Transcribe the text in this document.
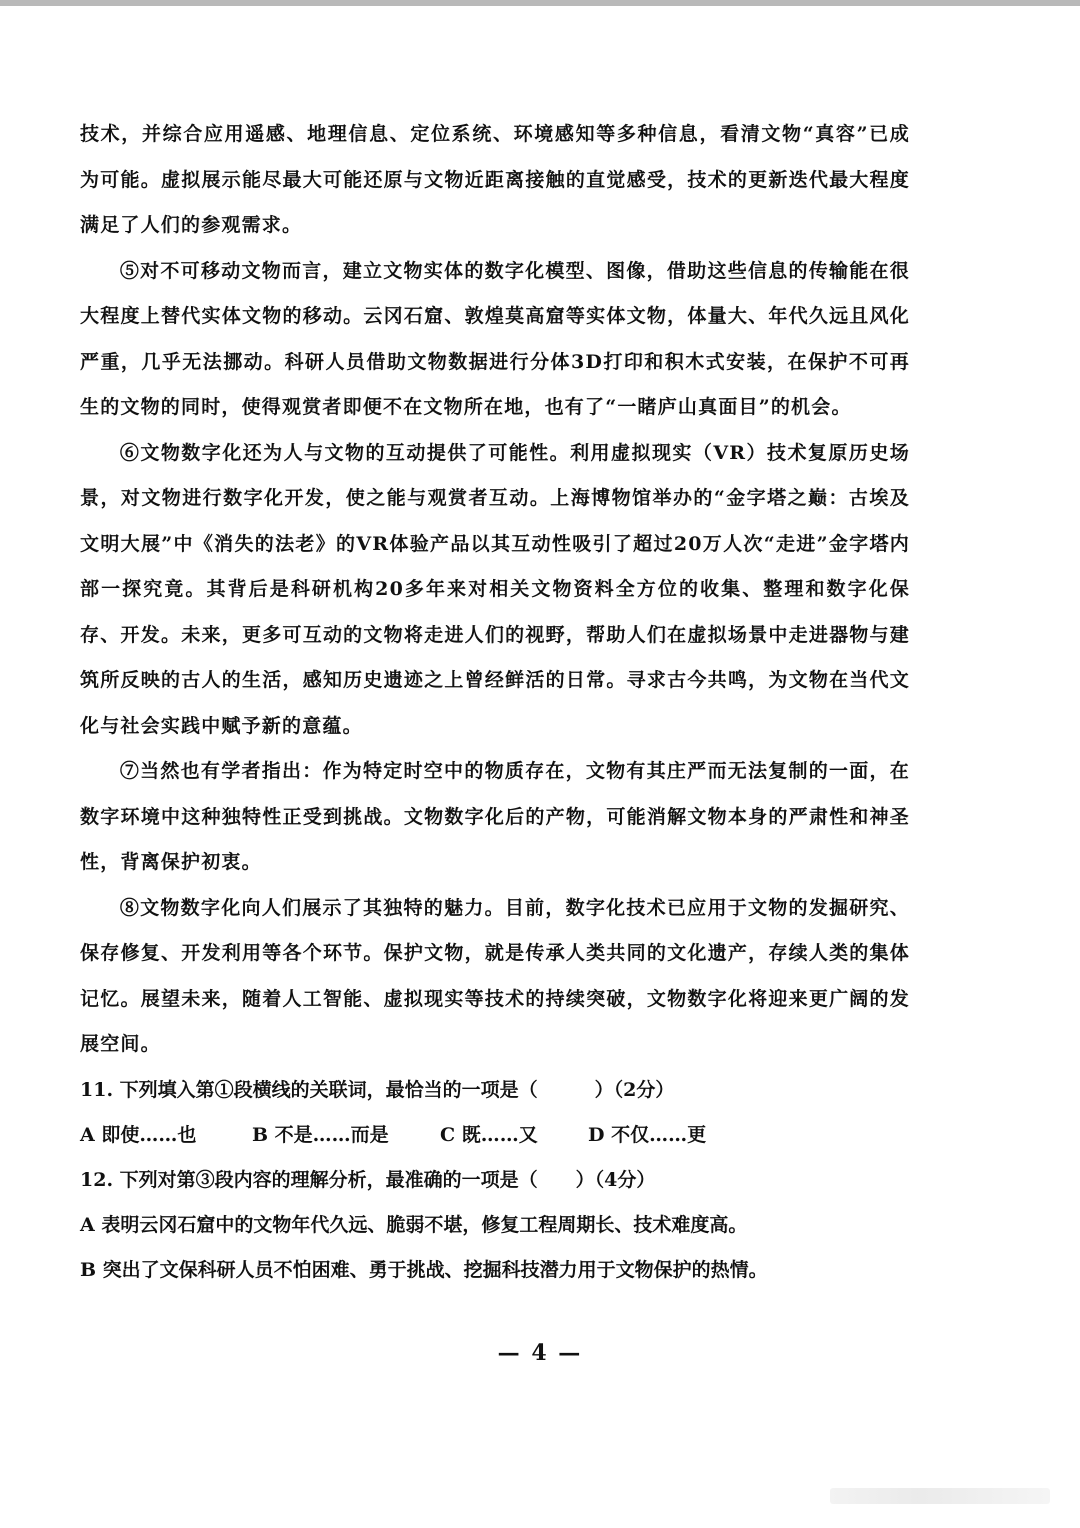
技术，并综合应用遥感、地理信息、定位系统、环境感知等多种信息，看清文物“真容”已成为可能。虚拟展示能尽最大可能还原与文物近距离接触的直觉感受，技术的更新迭代最大程度满足了人们的参观需求。

⑤对不可移动文物而言，建立文物实体的数字化模型、图像，借助这些信息的传输能在很大程度上替代实体文物的移动。云冈石窟、敦煌莫高窟等实体文物，体量大、年代久远且风化严重，几乎无法挪动。科研人员借助文物数据进行分体3D打印和积木式安装，在保护不可再生的文物的同时，使得观赏者即便不在文物所在地，也有了“一睹庐山真面目”的机会。

⑥文物数字化还为人与文物的互动提供了可能性。利用虚拟现实（VR）技术复原历史场景，对文物进行数字化开发，使之能与观赏者互动。上海博物馆举办的“金字塔之巅：古埃及文明大展”中《消失的法老》的VR体验产品以其互动性吸引了超过20万人次“走进”金字塔内部一探究竟。其背后是科研机构20多年来对相关文物资料全方位的收集、整理和数字化保存、开发。未来，更多可互动的文物将走进人们的视野，帮助人们在虚拟场景中走进器物与建筑所反映的古人的生活，感知历史遗迹之上曾经鲜活的日常。寻求古今共鸣，为文物在当代文化与社会实践中赋予新的意蕴。

⑦当然也有学者指出：作为特定时空中的物质存在，文物有其庄严而无法复制的一面，在数字环境中这种独特性正受到挑战。文物数字化后的产物，可能消解文物本身的严肃性和神圣性，背离保护初衷。

⑧文物数字化向人们展示了其独特的魅力。目前，数字化技术已应用于文物的发掘研究、保存修复、开发利用等各个环节。保护文物，就是传承人类共同的文化遗产，存续人类的集体记忆。展望未来，随着人工智能、虚拟现实等技术的持续突破，文物数字化将迎来更广阔的发展空间。

11. 下列填入第①段横线的关联词，最恰当的一项是（　　　）（2分）

A 即使……也	B 不是……而是	C 既……又	D 不仅……更

12. 下列对第③段内容的理解分析，最准确的一项是（　　）（4分）

A 表明云冈石窟中的文物年代久远、脆弱不堪，修复工程周期长、技术难度高。

B 突出了文保科研人员不怕困难、勇于挑战、挖掘科技潜力用于文物保护的热情。

— 4 —
